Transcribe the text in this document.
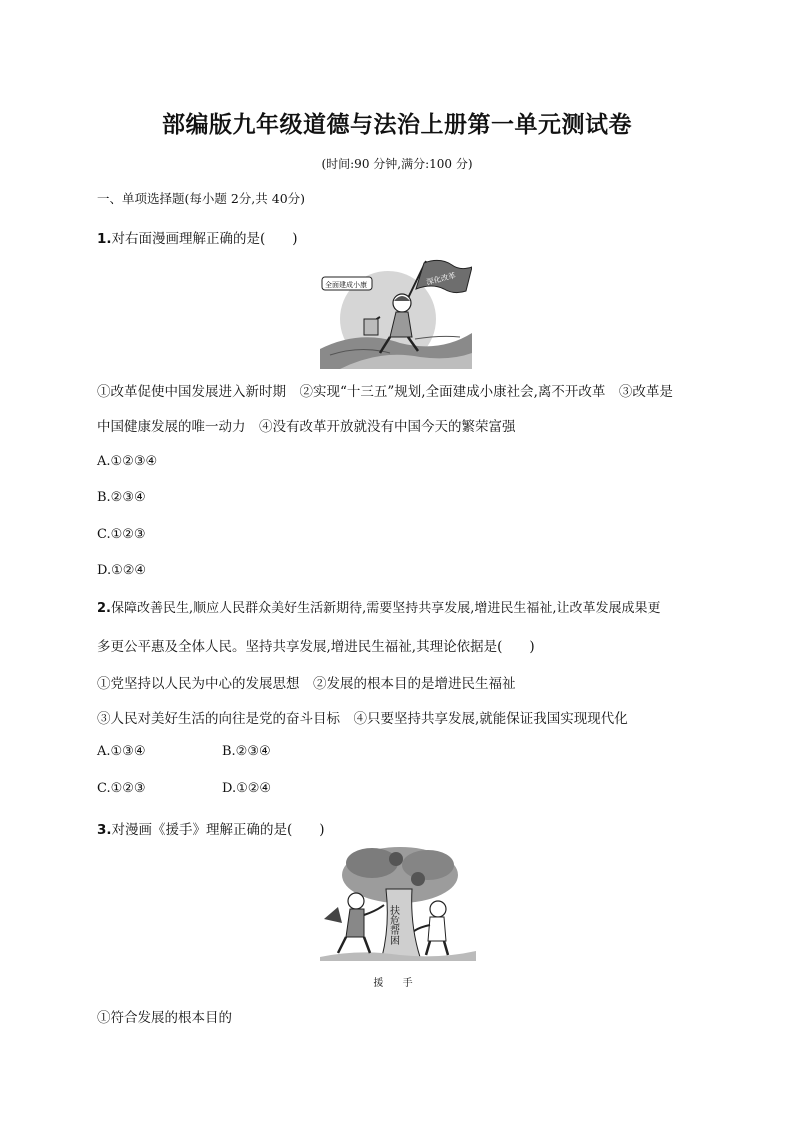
部编版九年级道德与法治上册第一单元测试卷
(时间:90 分钟,满分:100 分)
一、单项选择题(每小题 2分,共 40分)
1.对右面漫画理解正确的是(　　)
深化改革
全面建成小康
①改革促使中国发展进入新时期　②实现“十三五”规划,全面建成小康社会,离不开改革　③改革是
中国健康发展的唯一动力　④没有改革开放就没有中国今天的繁荣富强
A.①②③④
B.②③④
C.①②③
D.①②④
2.保障改善民生,顺应人民群众美好生活新期待,需要坚持共享发展,增进民生福祉,让改革发展成果更
多更公平惠及全体人民。坚持共享发展,增进民生福祉,其理论依据是(　　)
①党坚持以人民为中心的发展思想　②发展的根本目的是增进民生福祉
③人民对美好生活的向往是党的奋斗目标　④只要坚持共享发展,就能保证我国实现现代化
A.①③④	B.②③④
C.①②③	D.①②④
3.对漫画《援手》理解正确的是(　　)
扶危帮困
援 手
①符合发展的根本目的
